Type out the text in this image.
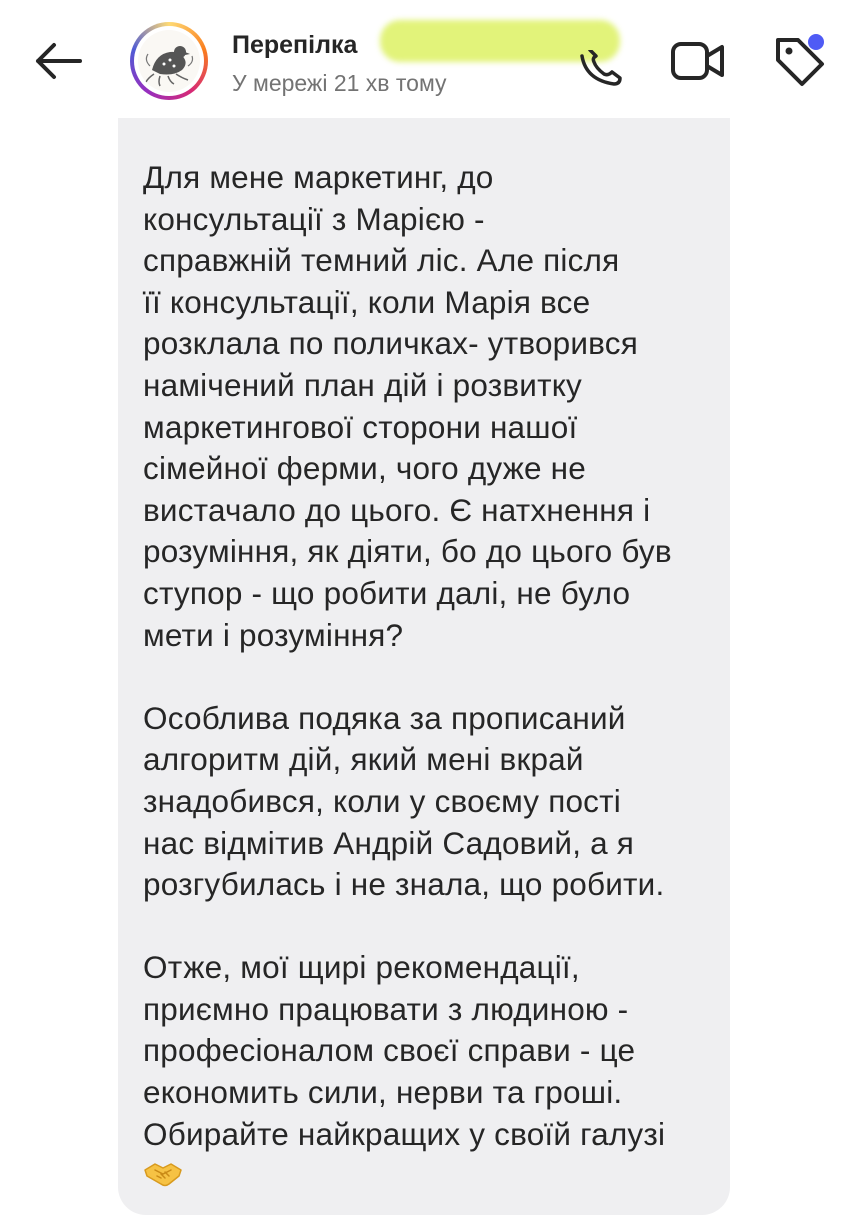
Перепілка
У мережі 21 хв тому

Для мене маркетинг, до
консультації з Марією -
справжній темний ліс. Але після
її консультації, коли Марія все
розклала по поличках- утворився
намічений план дій і розвитку
маркетингової сторони нашої
сімейної ферми, чого дуже не
вистачало до цього. Є натхнення і
розуміння, як діяти, бо до цього був
ступор - що робити далі, не було
мети і розуміння?

Особлива подяка за прописаний
алгоритм дій, який мені вкрай
знадобився, коли у своєму пості
нас відмітив Андрій Садовий, а я
розгубилась і не знала, що робити.

Отже, мої щирі рекомендації,
приємно працювати з людиною -
професіоналом своєї справи - це
економить сили, нерви та гроші.
Обирайте найкращих у своїй галузі
